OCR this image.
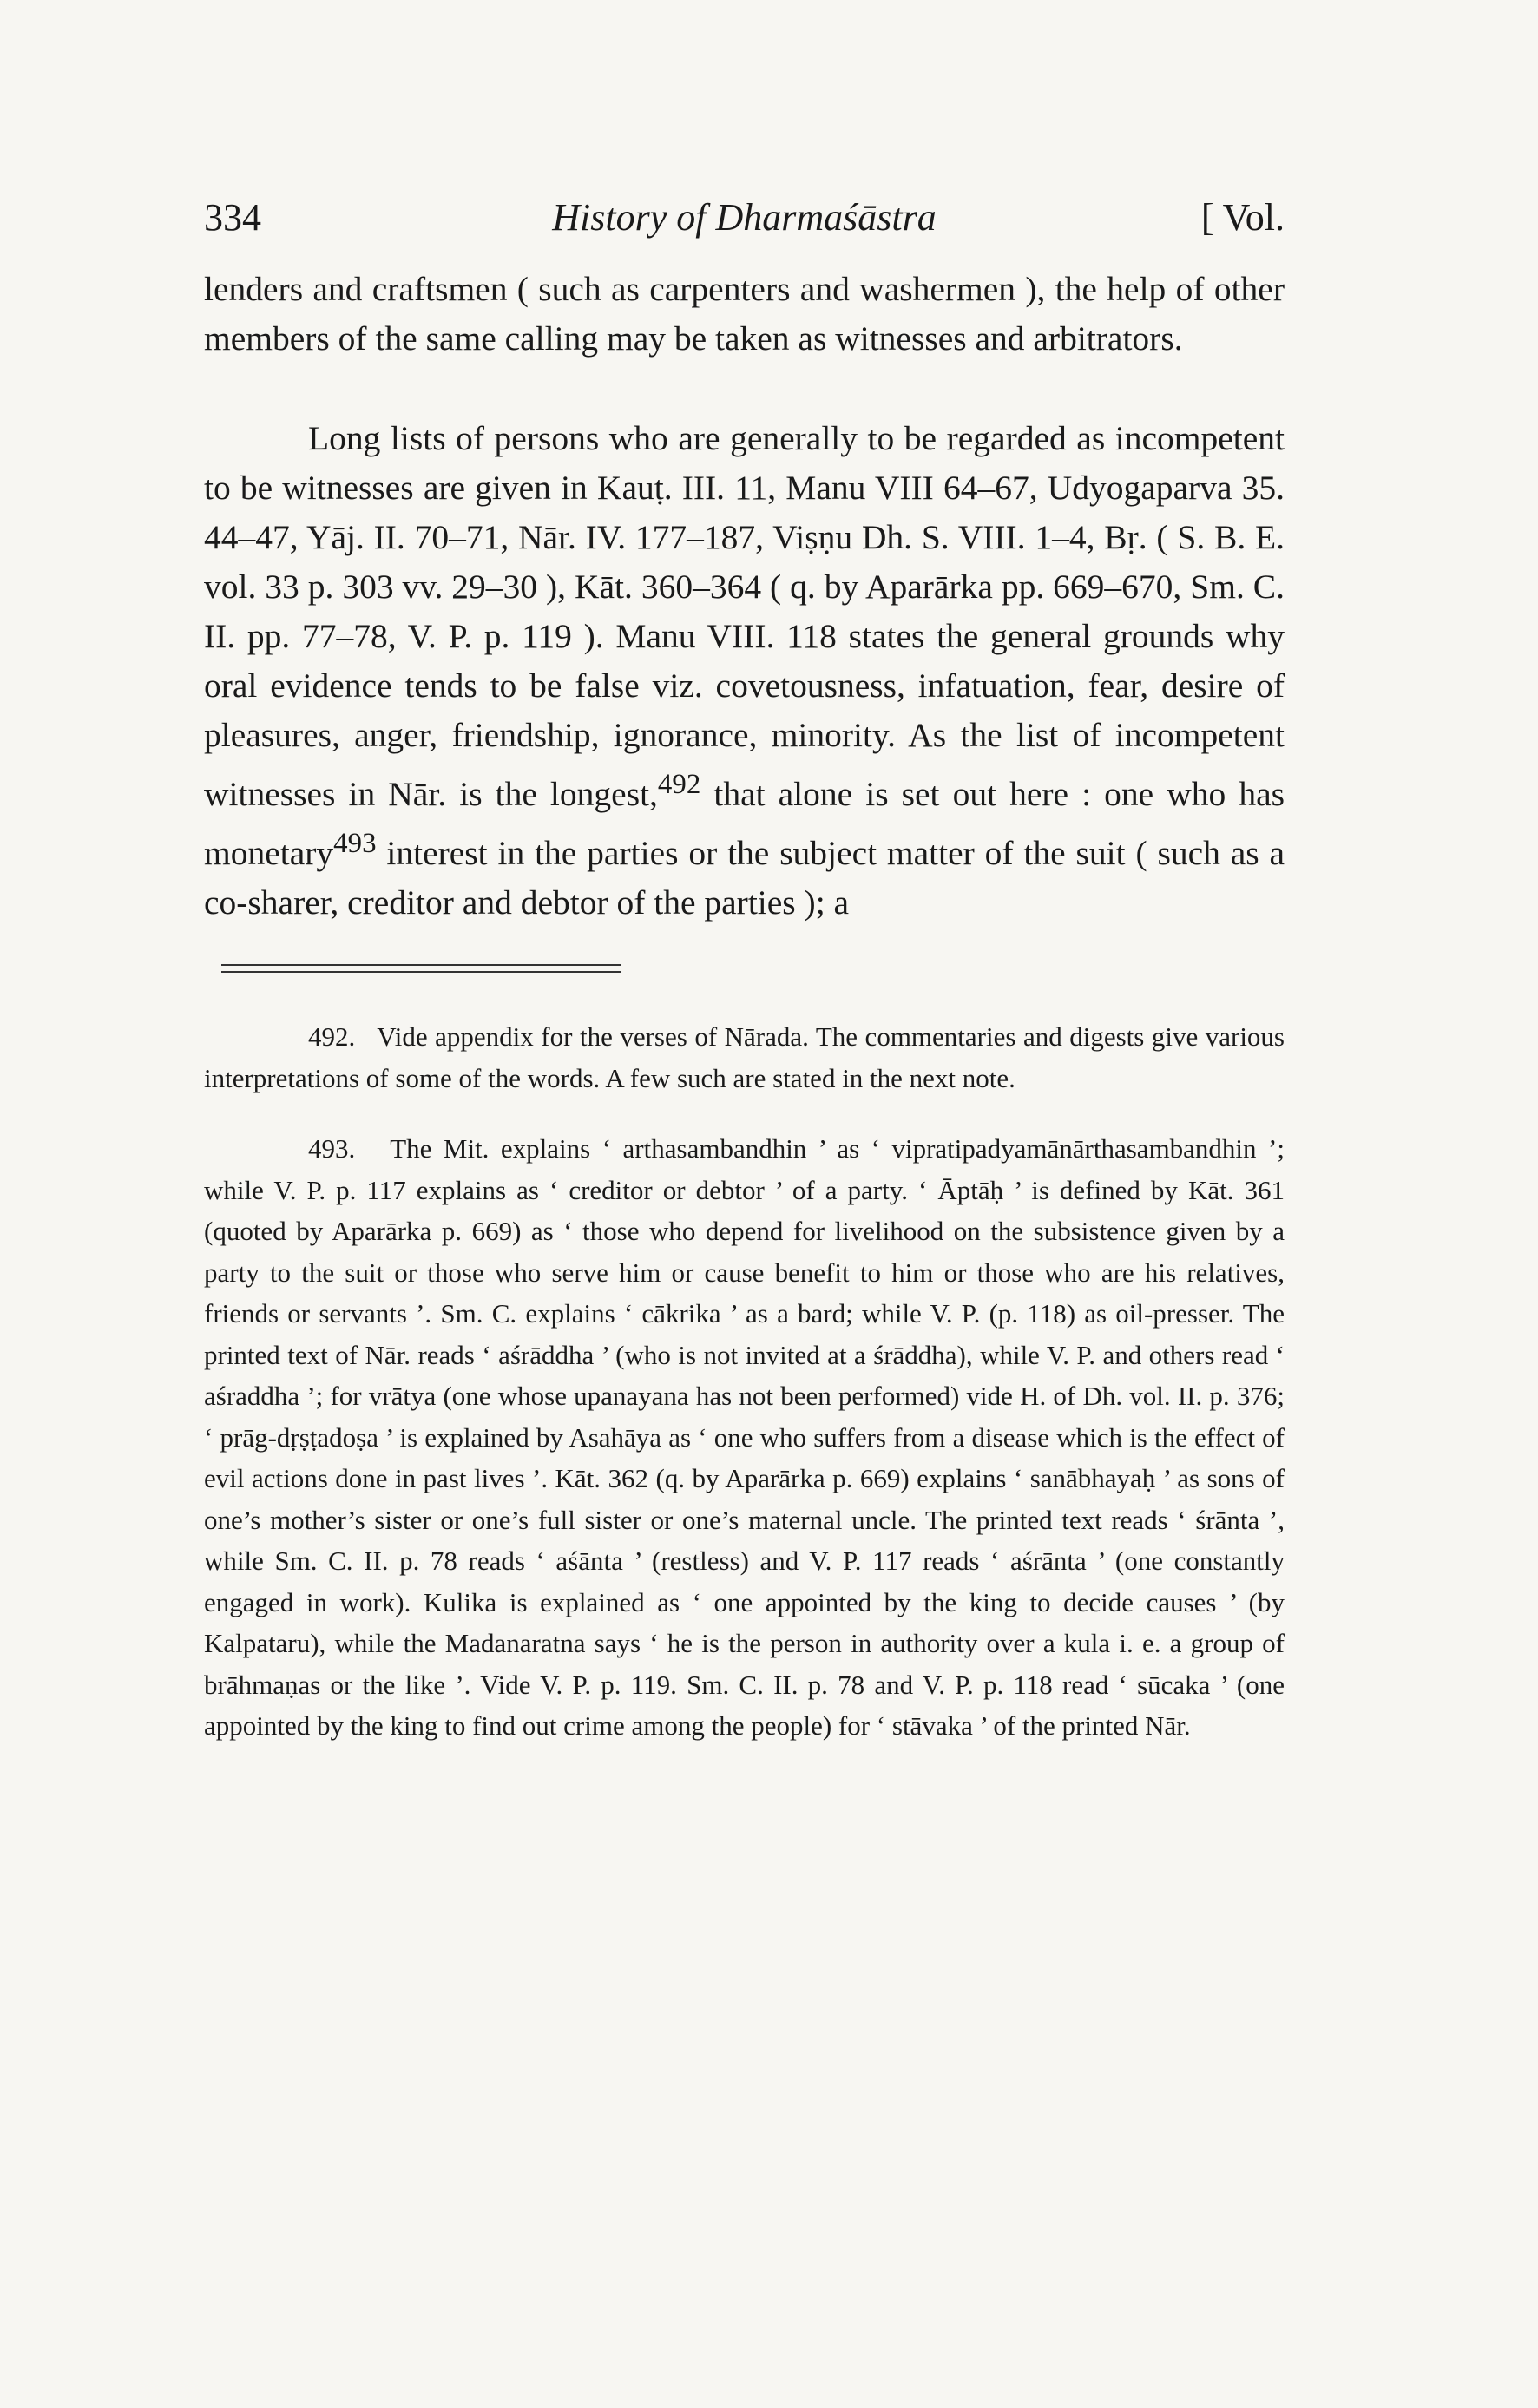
334	History of Dharmaśāstra	[ Vol.

lenders and craftsmen ( such as carpenters and washermen ), the help of other members of the same calling may be taken as witnesses and arbitrators.

Long lists of persons who are generally to be regarded as incompetent to be witnesses are given in Kauṭ. III. 11, Manu VIII 64–67, Udyogaparva 35. 44–47, Yāj. II. 70–71, Nār. IV. 177–187, Viṣṇu Dh. S. VIII. 1–4, Bṛ. ( S. B. E. vol. 33 p. 303 vv. 29–30 ), Kāt. 360–364 ( q. by Aparārka pp. 669–670, Sm. C. II. pp. 77–78, V. P. p. 119 ). Manu VIII. 118 states the general grounds why oral evidence tends to be false viz. covetousness, infatuation, fear, desire of pleasures, anger, friendship, ignorance, minority. As the list of incompetent witnesses in Nār. is the longest,$^{492}$ that alone is set out here : one who has monetary$^{493}$ interest in the parties or the subject matter of the suit ( such as a co-sharer, creditor and debtor of the parties ); a

492. Vide appendix for the verses of Nārada. The commentaries and digests give various interpretations of some of the words. A few such are stated in the next note.

493. The Mit. explains ‘ arthasambandhin ’ as ‘ vipratipadyamānārthasambandhin ’; while V. P. p. 117 explains as ‘ creditor or debtor ’ of a party. ‘ Āptāḥ ’ is defined by Kāt. 361 (quoted by Aparārka p. 669) as ‘ those who depend for livelihood on the subsistence given by a party to the suit or those who serve him or cause benefit to him or those who are his relatives, friends or servants ’. Sm. C. explains ‘ cākrika ’ as a bard; while V. P. (p. 118) as oil-presser. The printed text of Nār. reads ‘ aśrāddha ’ (who is not invited at a śrāddha), while V. P. and others read ‘ aśraddha ’; for vrātya (one whose upanayana has not been performed) vide H. of Dh. vol. II. p. 376; ‘ prāg-dṛṣṭadoṣa ’ is explained by Asahāya as ‘ one who suffers from a disease which is the effect of evil actions done in past lives ’. Kāt. 362 (q. by Aparārka p. 669) explains ‘ sanābhayaḥ ’ as sons of one’s mother’s sister or one’s full sister or one’s maternal uncle. The printed text reads ‘ śrānta ’, while Sm. C. II. p. 78 reads ‘ aśānta ’ (restless) and V. P. 117 reads ‘ aśrānta ’ (one constantly engaged in work). Kulika is explained as ‘ one appointed by the king to decide causes ’ (by Kalpataru), while the Madanaratna says ‘ he is the person in authority over a kula i. e. a group of brāhmaṇas or the like ’. Vide V. P. p. 119. Sm. C. II. p. 78 and V. P. p. 118 read ‘ sūcaka ’ (one appointed by the king to find out crime among the people) for ‘ stāvaka ’ of the printed Nār.
